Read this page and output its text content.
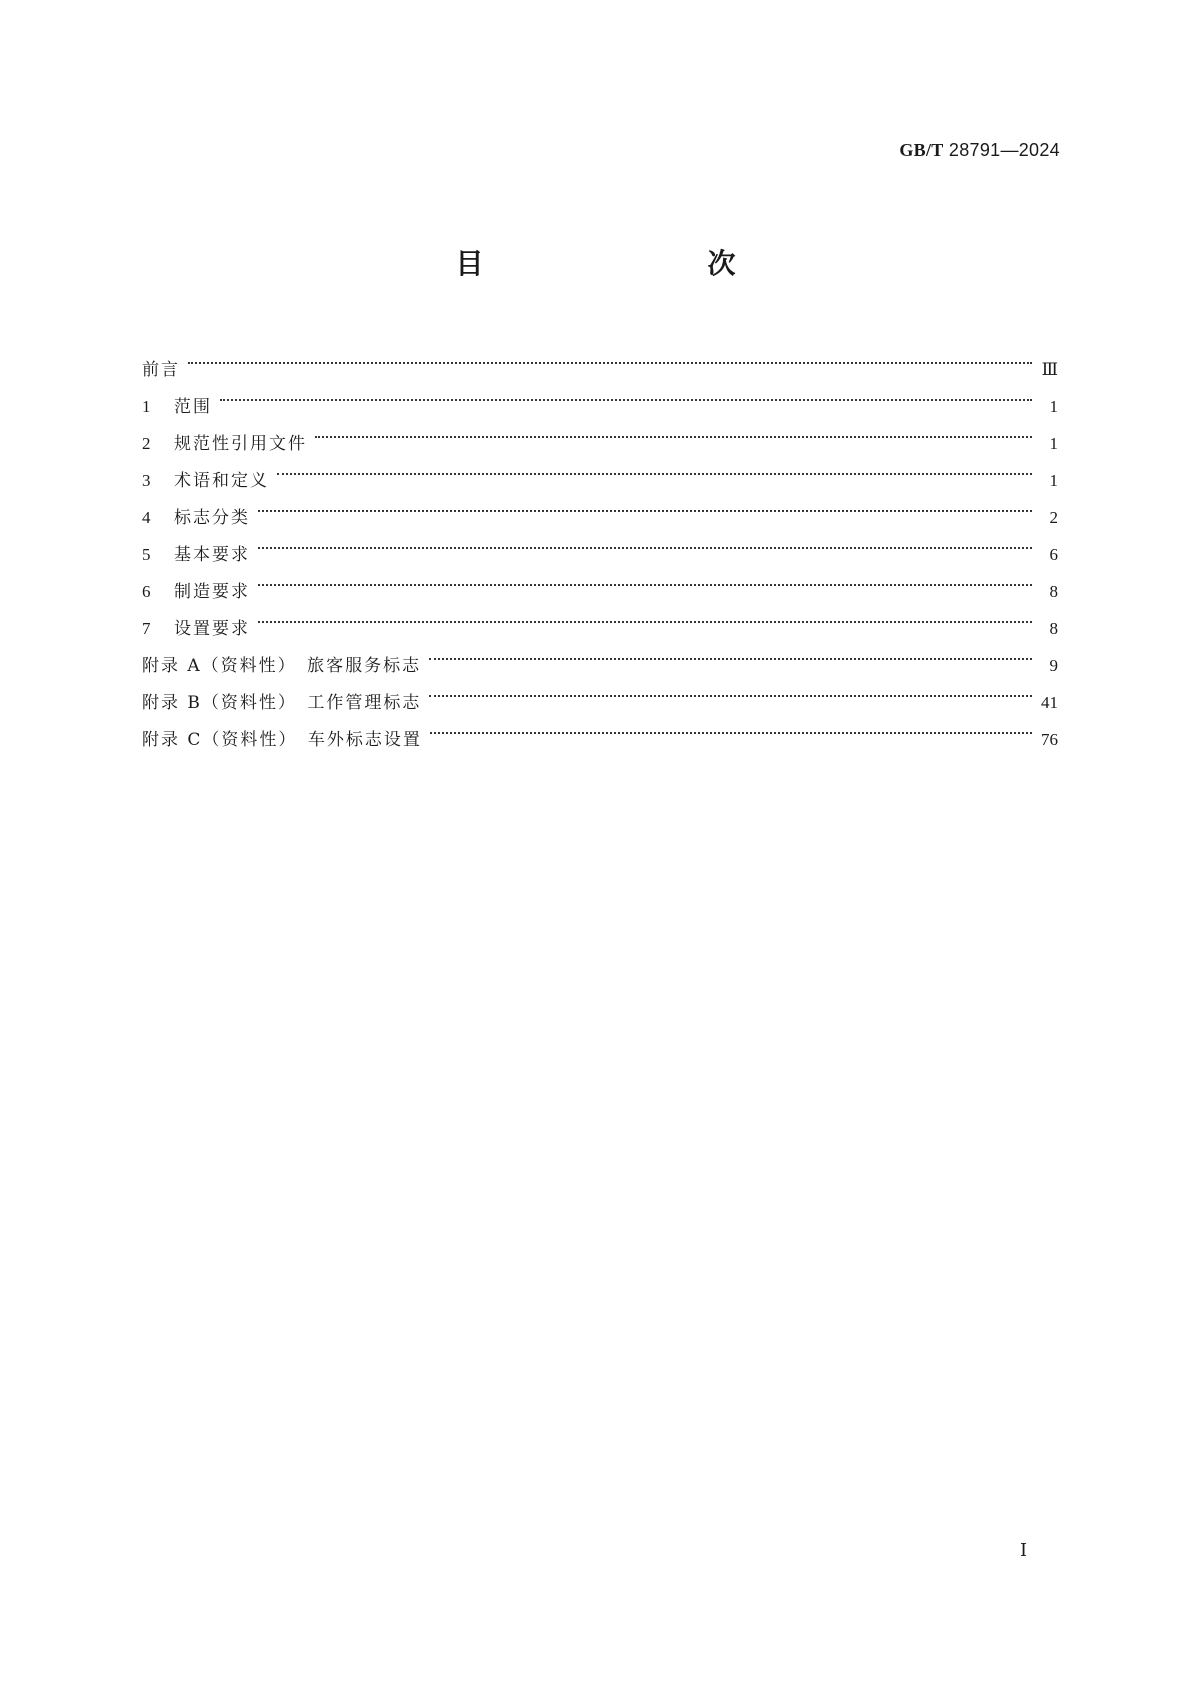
GB/T 28791—2024
目　　次
前言	Ⅲ
1	范围	1
2	规范性引用文件	1
3	术语和定义	1
4	标志分类	2
5	基本要求	6
6	制造要求	8
7	设置要求	8
附录 A（资料性）　旅客服务标志	9
附录 B（资料性）　工作管理标志	41
附录 C（资料性）　车外标志设置	76
Ⅰ
